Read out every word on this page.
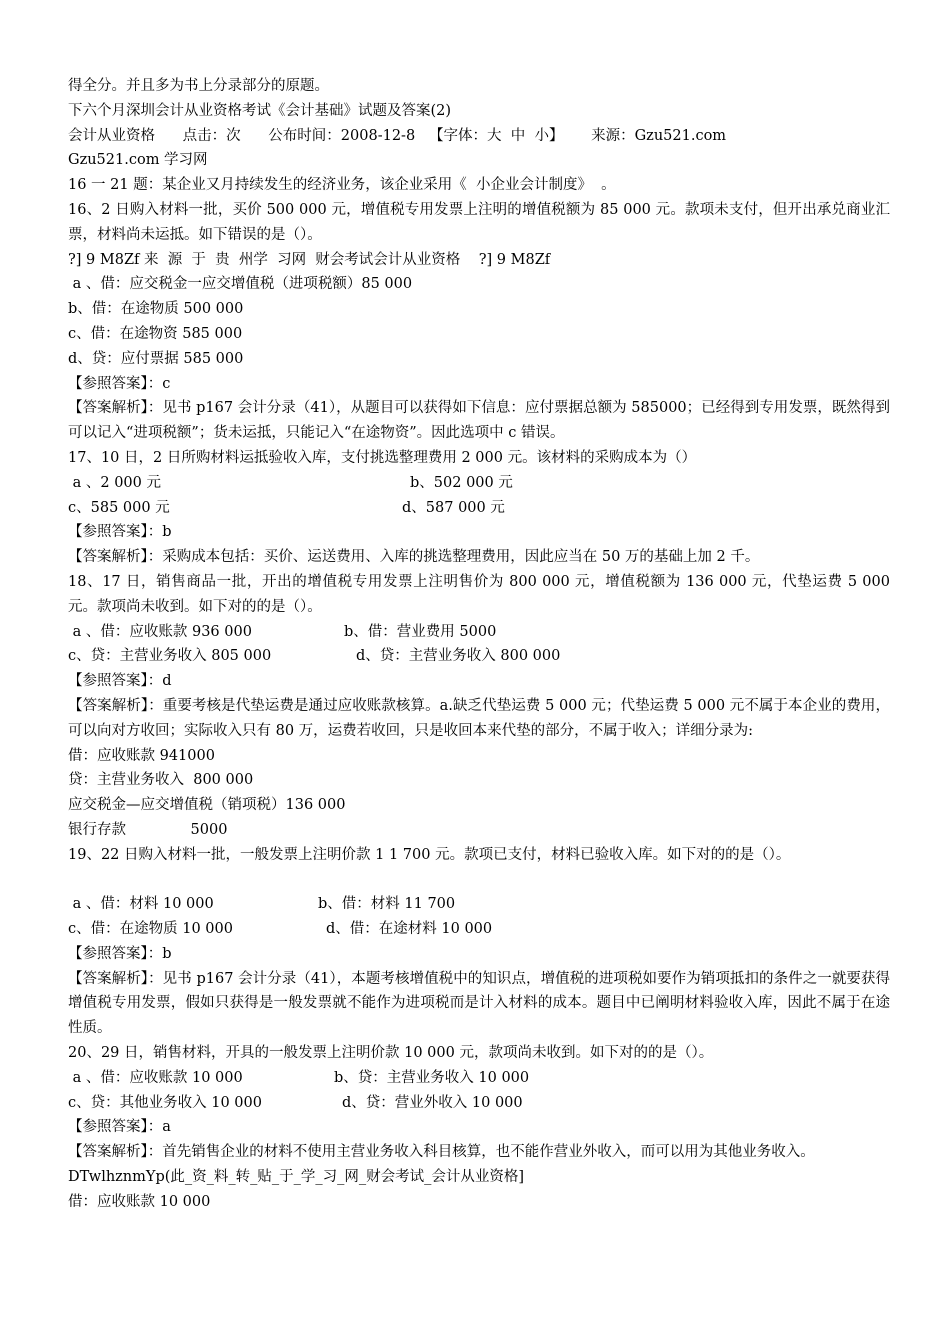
得全分。并且多为书上分录部分的原题。

下六个月深圳会计从业资格考试《会计基础》试题及答案(2)

会计从业资格      点击：次      公布时间：2008-12-8   【字体：大  中  小】      来源：Gzu521.com

Gzu521.com 学习网

16 一 21 题：某企业又月持续发生的经济业务，该企业采用《  小企业会计制度》  。

16、2 日购入材料一批，买价 500 000 元，增值税专用发票上注明的增值税额为 85 000 元。款项未支付，但开出承兑商业汇票，材料尚未运抵。如下错误的是（）。

?] 9 M8Zf 来  源  于  贵  州学  习网  财会考试会计从业资格    ?] 9 M8Zf

a 、借：应交税金一应交增值税（进项税额）85 000

b、借：在途物质 500 000

c、借：在途物资 585 000

d、贷：应付票据 585 000

【参照答案】：c

【答案解析】：见书 p167 会计分录（41），从题目可以获得如下信息：应付票据总额为 585000；已经得到专用发票，既然得到可以记入“进项税额”；货未运抵，只能记入“在途物资”。因此选项中 c 错误。

17、10 日，2 日所购材料运抵验收入库，支付挑选整理费用 2 000 元。该材料的采购成本为（）

a 、2 000 元	b、502 000 元
c、585 000 元	d、587 000 元

【参照答案】：b

【答案解析】：采购成本包括：买价、运送费用、入库的挑选整理费用，因此应当在 50 万的基础上加 2 千。

18、17 日，销售商品一批，开出的增值税专用发票上注明售价为 800 000 元，增值税额为 136 000 元，代垫运费 5 000 元。款项尚未收到。如下对的的是（）。

a 、借：应收账款 936 000	b、借：营业费用 5000
c、贷：主营业务收入 805 000	d、贷：主营业务收入 800 000

【参照答案】：d

【答案解析】：重要考核是代垫运费是通过应收账款核算。a.缺乏代垫运费 5 000 元；代垫运费 5 000 元不属于本企业的费用，可以向对方收回；实际收入只有 80 万，运费若收回，只是收回本来代垫的部分，不属于收入；详细分录为:

借：应收账款 941000

贷：主营业务收入  800 000

应交税金—应交增值税（销项税）136 000

银行存款              5000

19、22 日购入材料一批，一般发票上注明价款 1 1 700 元。款项已支付，材料已验收入库。如下对的的是（）。

a 、借：材料 10 000	b、借：材料 11 700
c、借：在途物质 10 000	d、借：在途材料 10 000

【参照答案】：b

【答案解析】：见书 p167 会计分录（41），本题考核增值税中的知识点，增值税的进项税如要作为销项抵扣的条件之一就要获得增值税专用发票，假如只获得是一般发票就不能作为进项税而是计入材料的成本。题目中已阐明材料验收入库，因此不属于在途性质。

20、29 日，销售材料，开具的一般发票上注明价款 10 000 元，款项尚未收到。如下对的的是（）。

a 、借：应收账款 10 000	b、贷：主营业务收入 10 000
c、贷：其他业务收入 10 000	d、贷：营业外收入 10 000

【参照答案】：a

【答案解析】：首先销售企业的材料不使用主营业务收入科目核算，也不能作营业外收入，而可以用为其他业务收入。

DTwlhznmYp(此_资_料_转_贴_于_学_习_网_财会考试_会计从业资格]

借：应收账款 10 000
